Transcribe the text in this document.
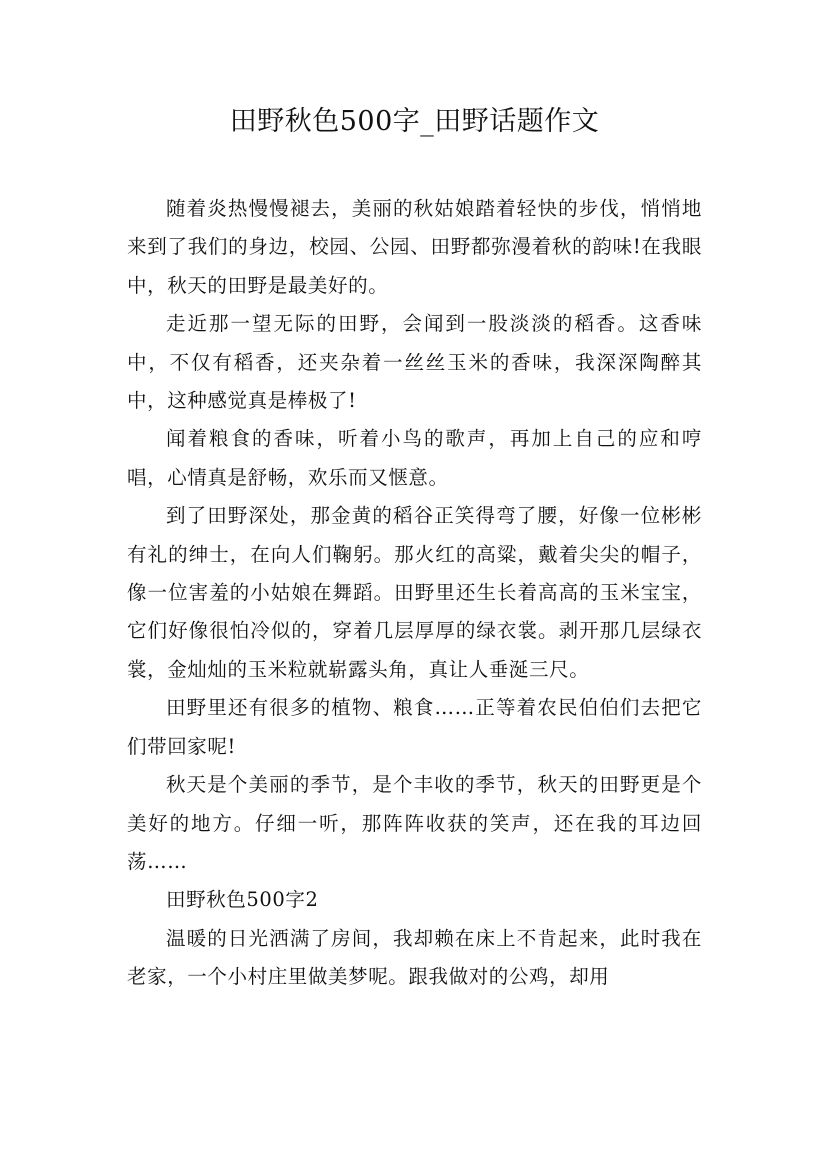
田野秋色500字_田野话题作文

随着炎热慢慢褪去，美丽的秋姑娘踏着轻快的步伐，悄悄地来到了我们的身边，校园、公园、田野都弥漫着秋的韵味!在我眼中，秋天的田野是最美好的。

走近那一望无际的田野，会闻到一股淡淡的稻香。这香味中，不仅有稻香，还夹杂着一丝丝玉米的香味，我深深陶醉其中，这种感觉真是棒极了!

闻着粮食的香味，听着小鸟的歌声，再加上自己的应和哼唱，心情真是舒畅，欢乐而又惬意。

到了田野深处，那金黄的稻谷正笑得弯了腰，好像一位彬彬有礼的绅士，在向人们鞠躬。那火红的高粱，戴着尖尖的帽子，像一位害羞的小姑娘在舞蹈。田野里还生长着高高的玉米宝宝，它们好像很怕冷似的，穿着几层厚厚的绿衣裳。剥开那几层绿衣裳，金灿灿的玉米粒就崭露头角，真让人垂涎三尺。

田野里还有很多的植物、粮食……正等着农民伯伯们去把它们带回家呢!

秋天是个美丽的季节，是个丰收的季节，秋天的田野更是个美好的地方。仔细一听，那阵阵收获的笑声，还在我的耳边回荡……

田野秋色500字2

温暖的日光洒满了房间，我却赖在床上不肯起来，此时我在老家，一个小村庄里做美梦呢。跟我做对的公鸡，却用
